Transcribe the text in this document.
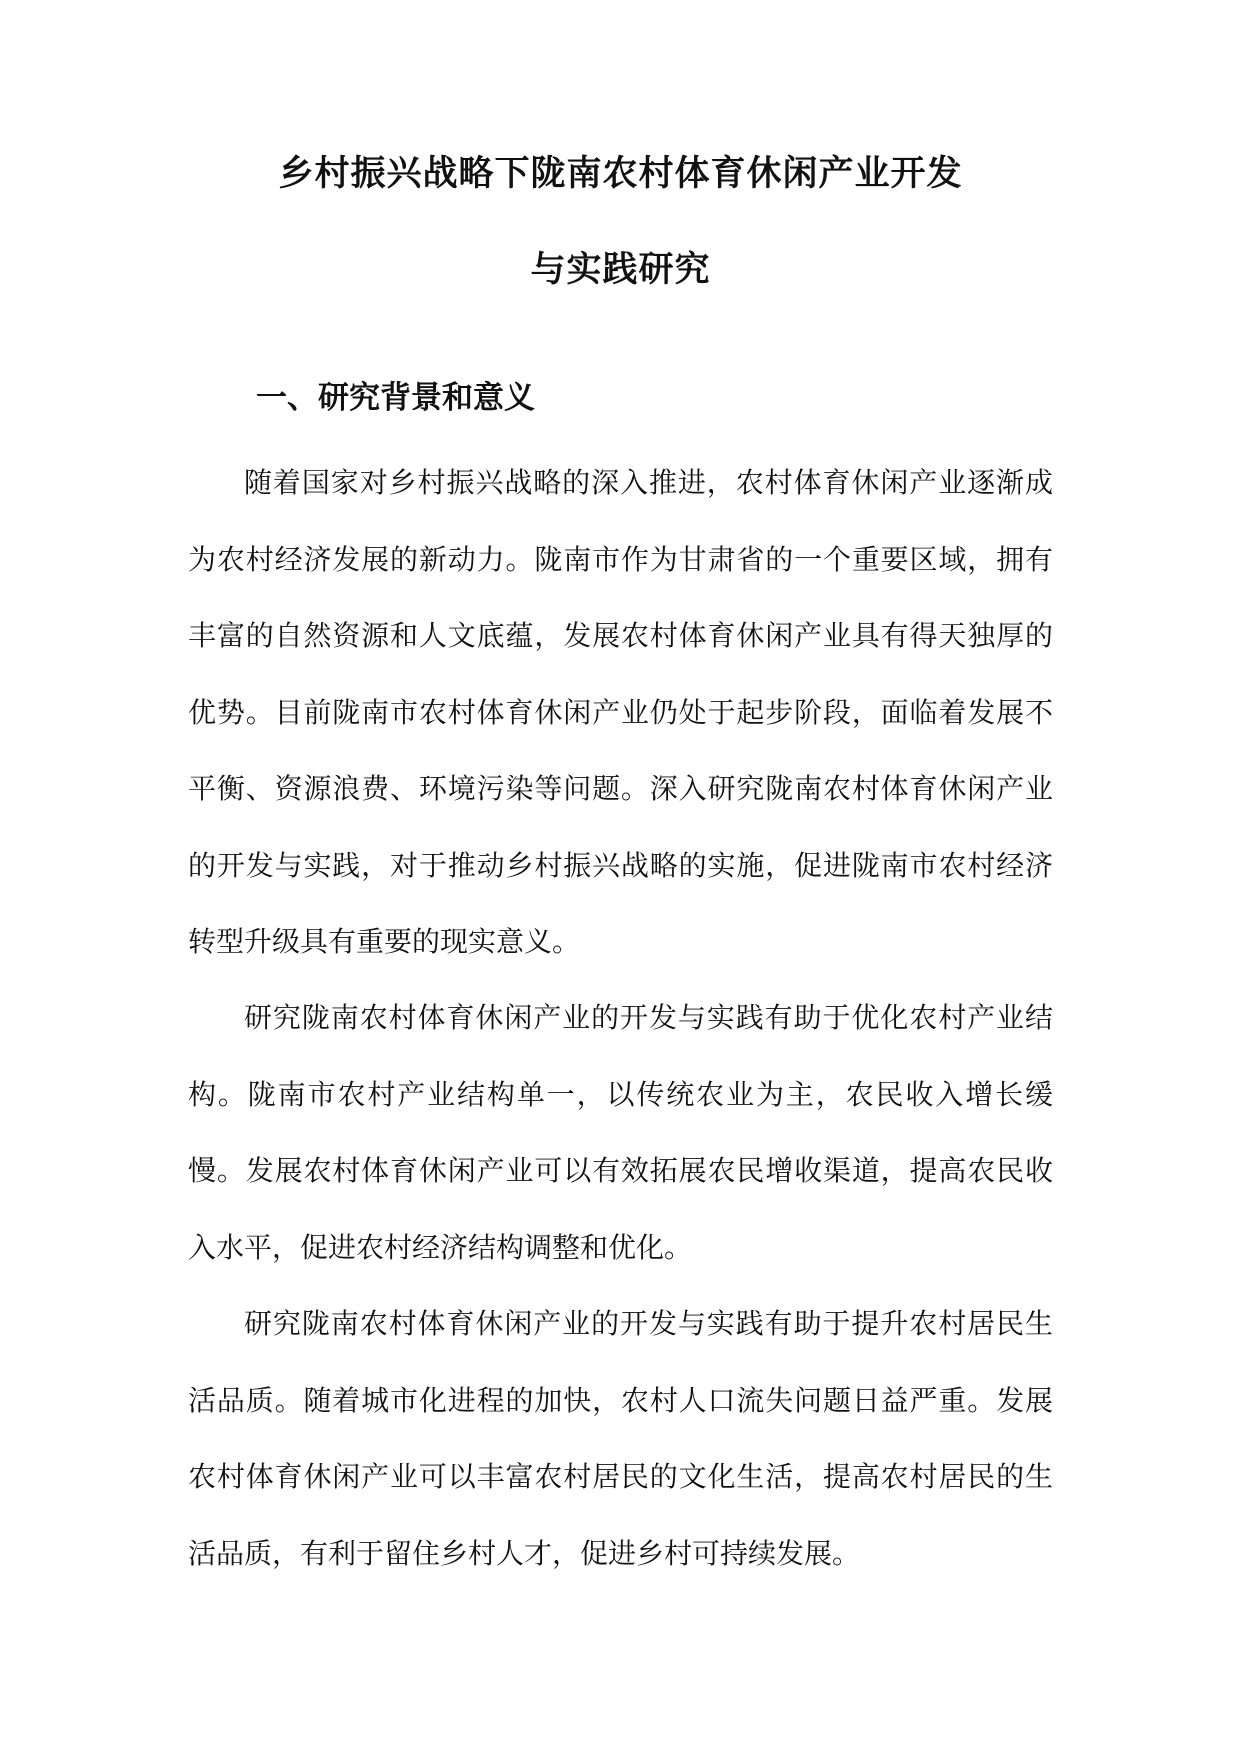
乡村振兴战略下陇南农村体育休闲产业开发
与实践研究
一、研究背景和意义

随着国家对乡村振兴战略的深入推进，农村体育休闲产业逐渐成为农村经济发展的新动力。陇南市作为甘肃省的一个重要区域，拥有丰富的自然资源和人文底蕴，发展农村体育休闲产业具有得天独厚的优势。目前陇南市农村体育休闲产业仍处于起步阶段，面临着发展不平衡、资源浪费、环境污染等问题。深入研究陇南农村体育休闲产业的开发与实践，对于推动乡村振兴战略的实施，促进陇南市农村经济转型升级具有重要的现实意义。

研究陇南农村体育休闲产业的开发与实践有助于优化农村产业结构。陇南市农村产业结构单一，以传统农业为主，农民收入增长缓慢。发展农村体育休闲产业可以有效拓展农民增收渠道，提高农民收入水平，促进农村经济结构调整和优化。

研究陇南农村体育休闲产业的开发与实践有助于提升农村居民生活品质。随着城市化进程的加快，农村人口流失问题日益严重。发展农村体育休闲产业可以丰富农村居民的文化生活，提高农村居民的生活品质，有利于留住乡村人才，促进乡村可持续发展。
